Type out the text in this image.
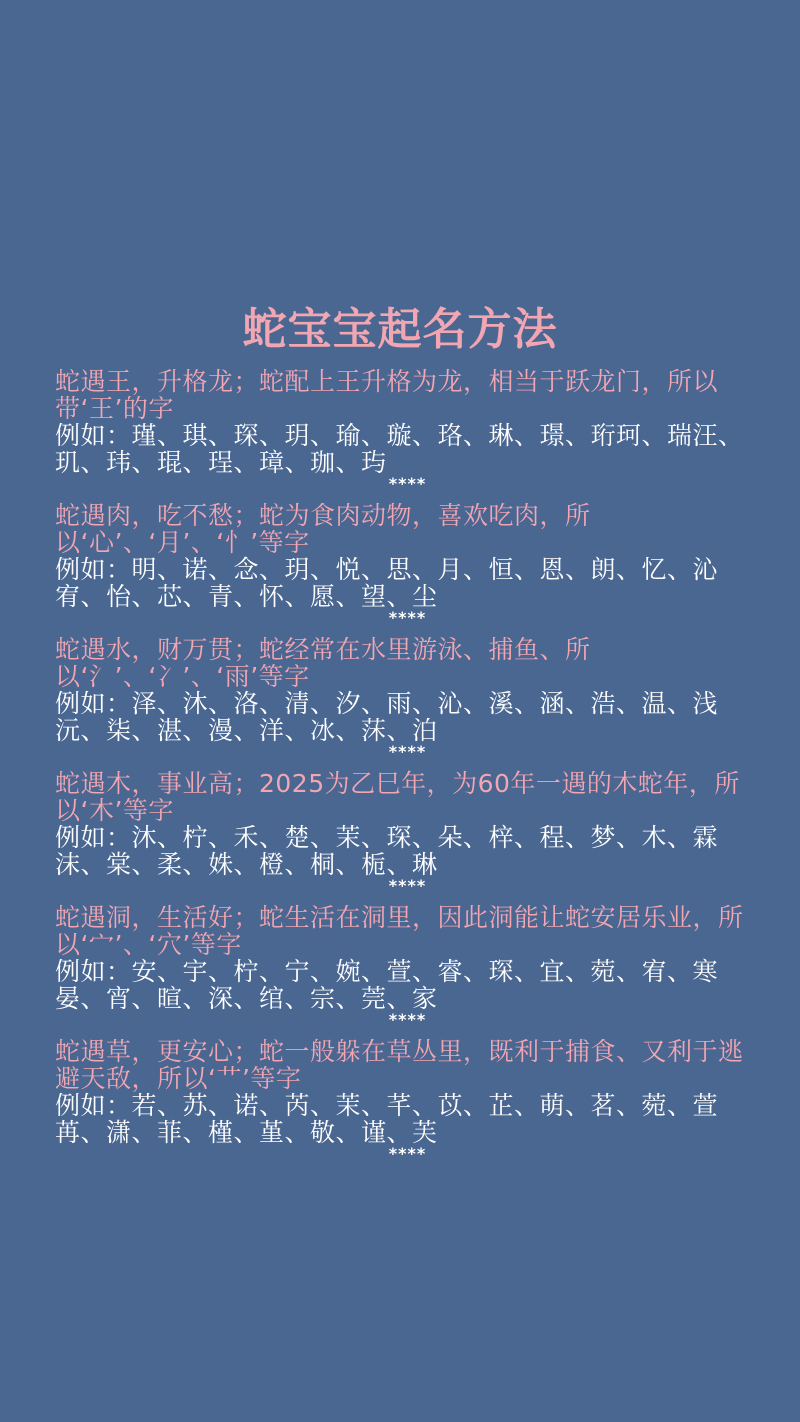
蛇宝宝起名方法

蛇遇王，升格龙；蛇配上王升格为龙，相当于跃龙门，所以带‘王’的字

例如：瑾、琪、琛、玥、瑜、璇、珞、琳、璟、珩珂、瑞汪、玑、玮、琨、珵、璋、珈、玙

****

蛇遇肉，吃不愁；蛇为食肉动物，喜欢吃肉，所以‘心’、‘月’、‘忄’等字

例如：明、诺、念、玥、悦、思、月、恒、恩、朗、忆、沁宥、怡、芯、青、怀、愿、望、尘

****

蛇遇水，财万贯；蛇经常在水里游泳、捕鱼、所以‘氵’、‘冫’、‘雨’等字

例如：泽、沐、洛、清、汐、雨、沁、溪、涵、浩、温、浅沅、柒、湛、漫、洋、冰、莯、泊

****

蛇遇木，事业高；2025为乙巳年，为60年一遇的木蛇年，所以‘木’等字

例如：沐、柠、禾、楚、茉、琛、朵、梓、程、梦、木、霖沫、棠、柔、姝、橙、桐、栀、琳

****

蛇遇洞，生活好；蛇生活在洞里，因此洞能让蛇安居乐业，所以‘宀’、‘穴’等字

例如：安、宇、柠、宁、婉、萱、睿、琛、宜、菀、宥、寒晏、宵、暄、深、绾、宗、莞、家

****

蛇遇草，更安心；蛇一般躲在草丛里，既利于捕食、又利于逃避天敌，所以‘艹’等字

例如：若、苏、诺、芮、茉、芊、苡、芷、萌、茗、菀、萱苒、潇、菲、槿、堇、敬、谨、芙

****
